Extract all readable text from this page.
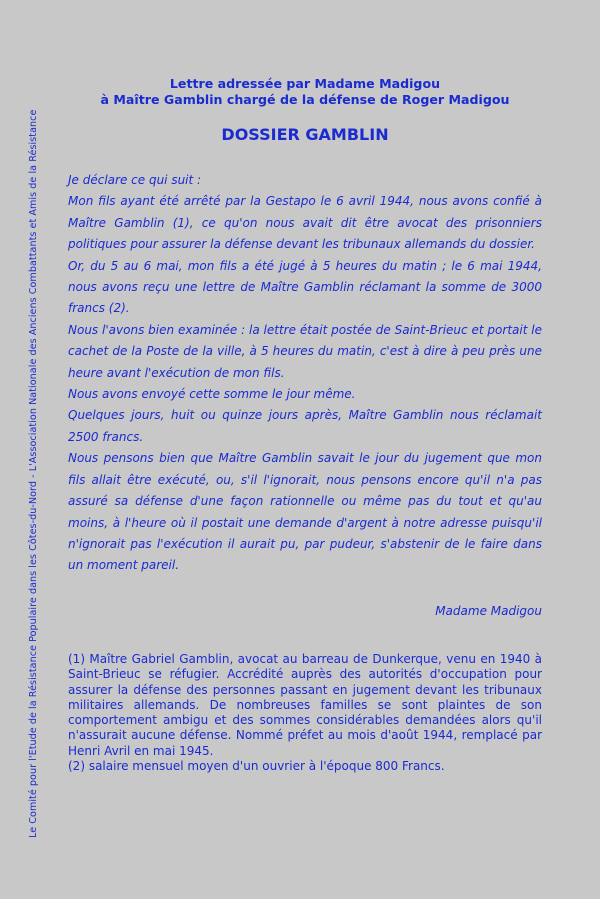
Le Comité pour l'Etude de la Résistance Populaire dans les Côtes-du-Nord - L'Association Nationale des Anciens Combattants et Amis de la Résistance
Lettre adressée par Madame Madigou
à Maître Gamblin chargé de la défense de Roger Madigou
DOSSIER GAMBLIN

Je déclare ce qui suit :

Mon fils ayant été arrêté par la Gestapo le 6 avril 1944, nous avons confié à Maître Gamblin (1), ce qu'on nous avait dit être avocat des prisonniers politiques pour assurer la défense devant les tribunaux allemands du dossier.

Or, du 5 au 6 mai, mon fils a été jugé à 5 heures du matin ; le 6 mai 1944, nous avons reçu une lettre de Maître Gamblin réclamant la somme de 3000 francs (2).

Nous l'avons bien examinée : la lettre était postée de Saint-Brieuc et portait le cachet de la Poste de la ville, à 5 heures du matin, c'est à dire à peu près une heure avant l'exécution de mon fils.

Nous avons envoyé cette somme le jour même.

Quelques jours, huit ou quinze jours après, Maître Gamblin nous réclamait 2500 francs.

Nous pensons bien que Maître Gamblin savait le jour du jugement que mon fils allait être exécuté, ou, s'il l'ignorait, nous pensons encore qu'il n'a pas assuré sa défense d'une façon rationnelle ou même pas du tout et qu'au moins, à l'heure où il postait une demande d'argent à notre adresse puisqu'il n'ignorait pas l'exécution il aurait pu, par pudeur, s'abstenir de le faire dans un moment pareil.

Madame Madigou

(1) Maître Gabriel Gamblin, avocat au barreau de Dunkerque, venu en 1940 à Saint-Brieuc se réfugier. Accrédité auprès des autorités d'occupation pour assurer la défense des personnes passant en jugement devant les tribunaux militaires allemands. De nombreuses familles se sont plaintes de son comportement ambigu et des sommes considérables demandées alors qu'il n'assurait aucune défense. Nommé préfet au mois d'août 1944, remplacé par Henri Avril en mai 1945.

(2) salaire mensuel moyen d'un ouvrier à l'époque 800 Francs.
